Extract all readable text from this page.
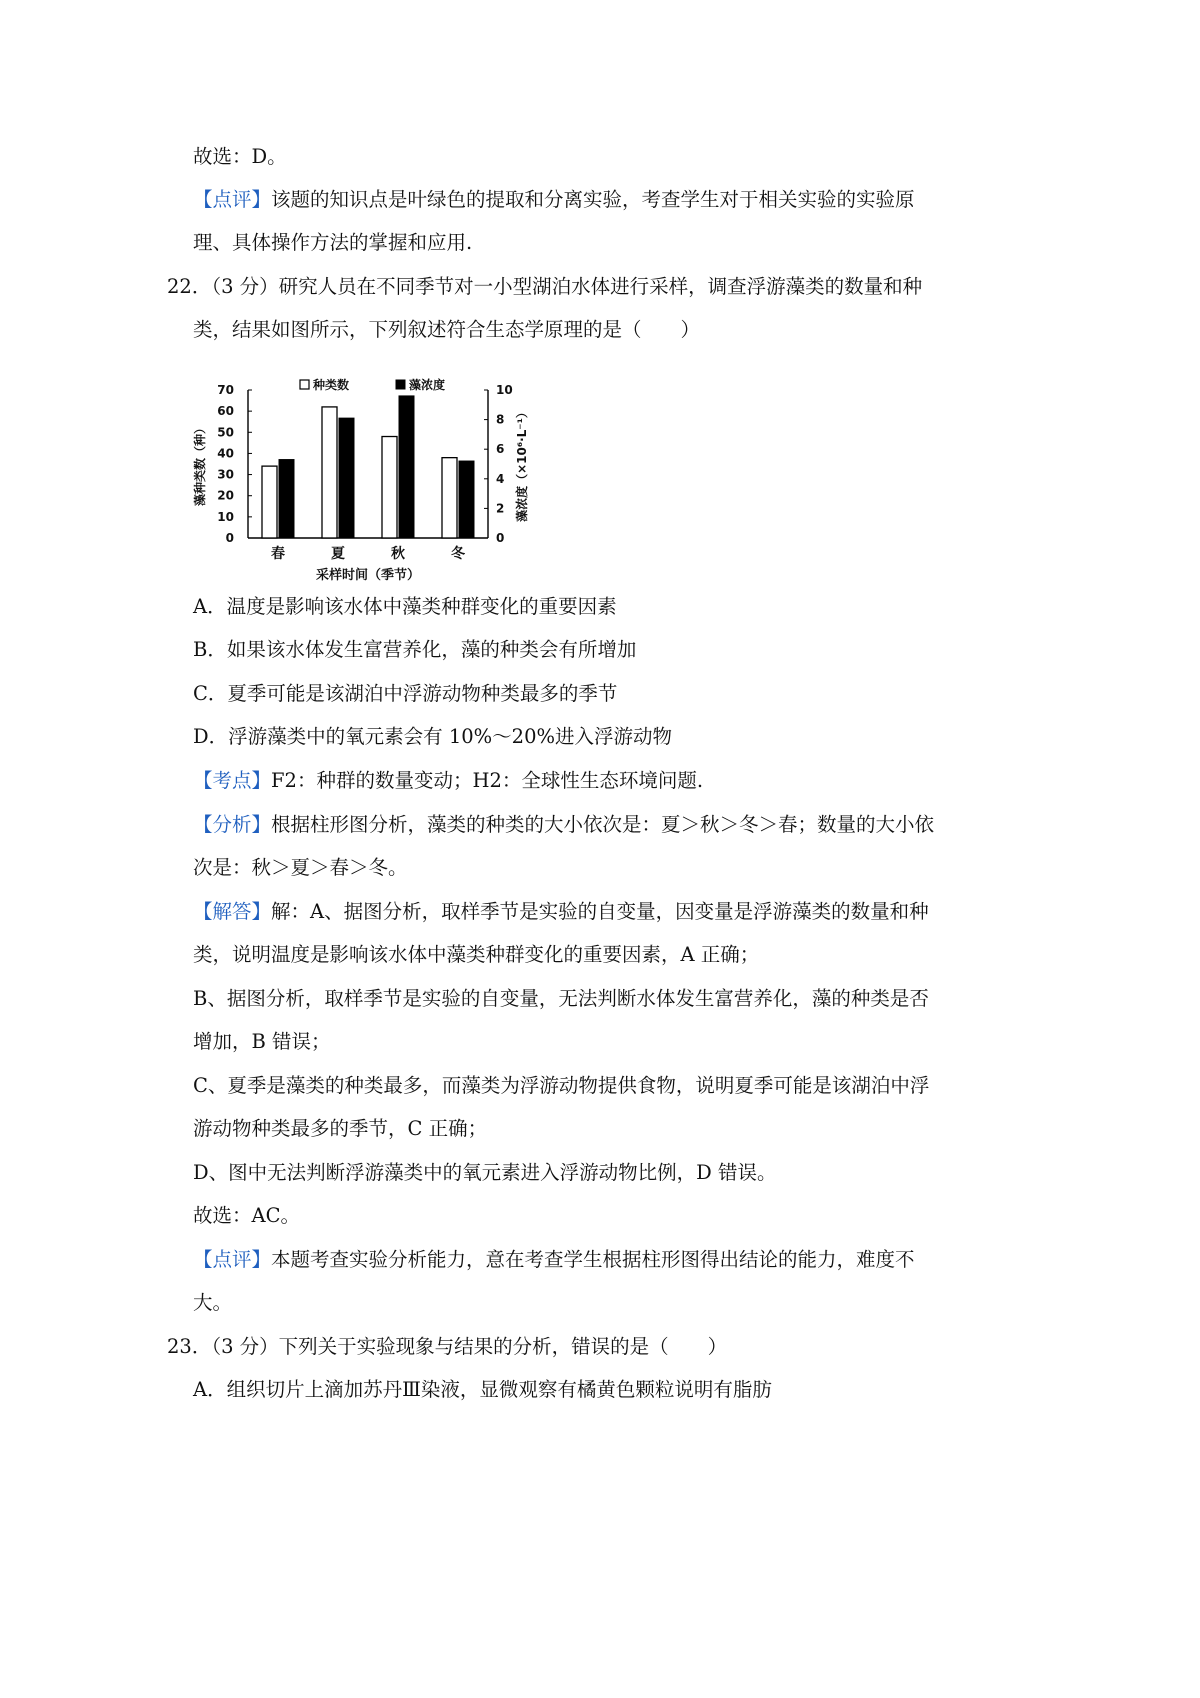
故选：D。
【点评】该题的知识点是叶绿色的提取和分离实验，考查学生对于相关实验的实验原
理、具体操作方法的掌握和应用.
22．（3 分）研究人员在不同季节对一小型湖泊水体进行采样，调查浮游藻类的数量和种
类，结果如图所示，下列叙述符合生态学原理的是（　　）
0
10
20
30
40
50
60
70
0
2
4
6
8
10
春	夏	秋	冬
采样时间（季节）
藻种类数（种）	藻浓度（×10⁶·L⁻¹）
种类数	藻浓度
A．温度是影响该水体中藻类种群变化的重要因素
B．如果该水体发生富营养化，藻的种类会有所增加
C．夏季可能是该湖泊中浮游动物种类最多的季节
D．浮游藻类中的氧元素会有 10%～20%进入浮游动物
【考点】F2：种群的数量变动；H2：全球性生态环境问题.
【分析】根据柱形图分析，藻类的种类的大小依次是：夏＞秋＞冬＞春；数量的大小依
次是：秋＞夏＞春＞冬。
【解答】解：A、据图分析，取样季节是实验的自变量，因变量是浮游藻类的数量和种
类，说明温度是影响该水体中藻类种群变化的重要因素，A 正确；
B、据图分析，取样季节是实验的自变量，无法判断水体发生富营养化，藻的种类是否
增加，B 错误；
C、夏季是藻类的种类最多，而藻类为浮游动物提供食物，说明夏季可能是该湖泊中浮
游动物种类最多的季节，C 正确；
D、图中无法判断浮游藻类中的氧元素进入浮游动物比例，D 错误。
故选：AC。
【点评】本题考查实验分析能力，意在考查学生根据柱形图得出结论的能力，难度不
大。
23．（3 分）下列关于实验现象与结果的分析，错误的是（　　）
A．组织切片上滴加苏丹Ⅲ染液，显微观察有橘黄色颗粒说明有脂肪
